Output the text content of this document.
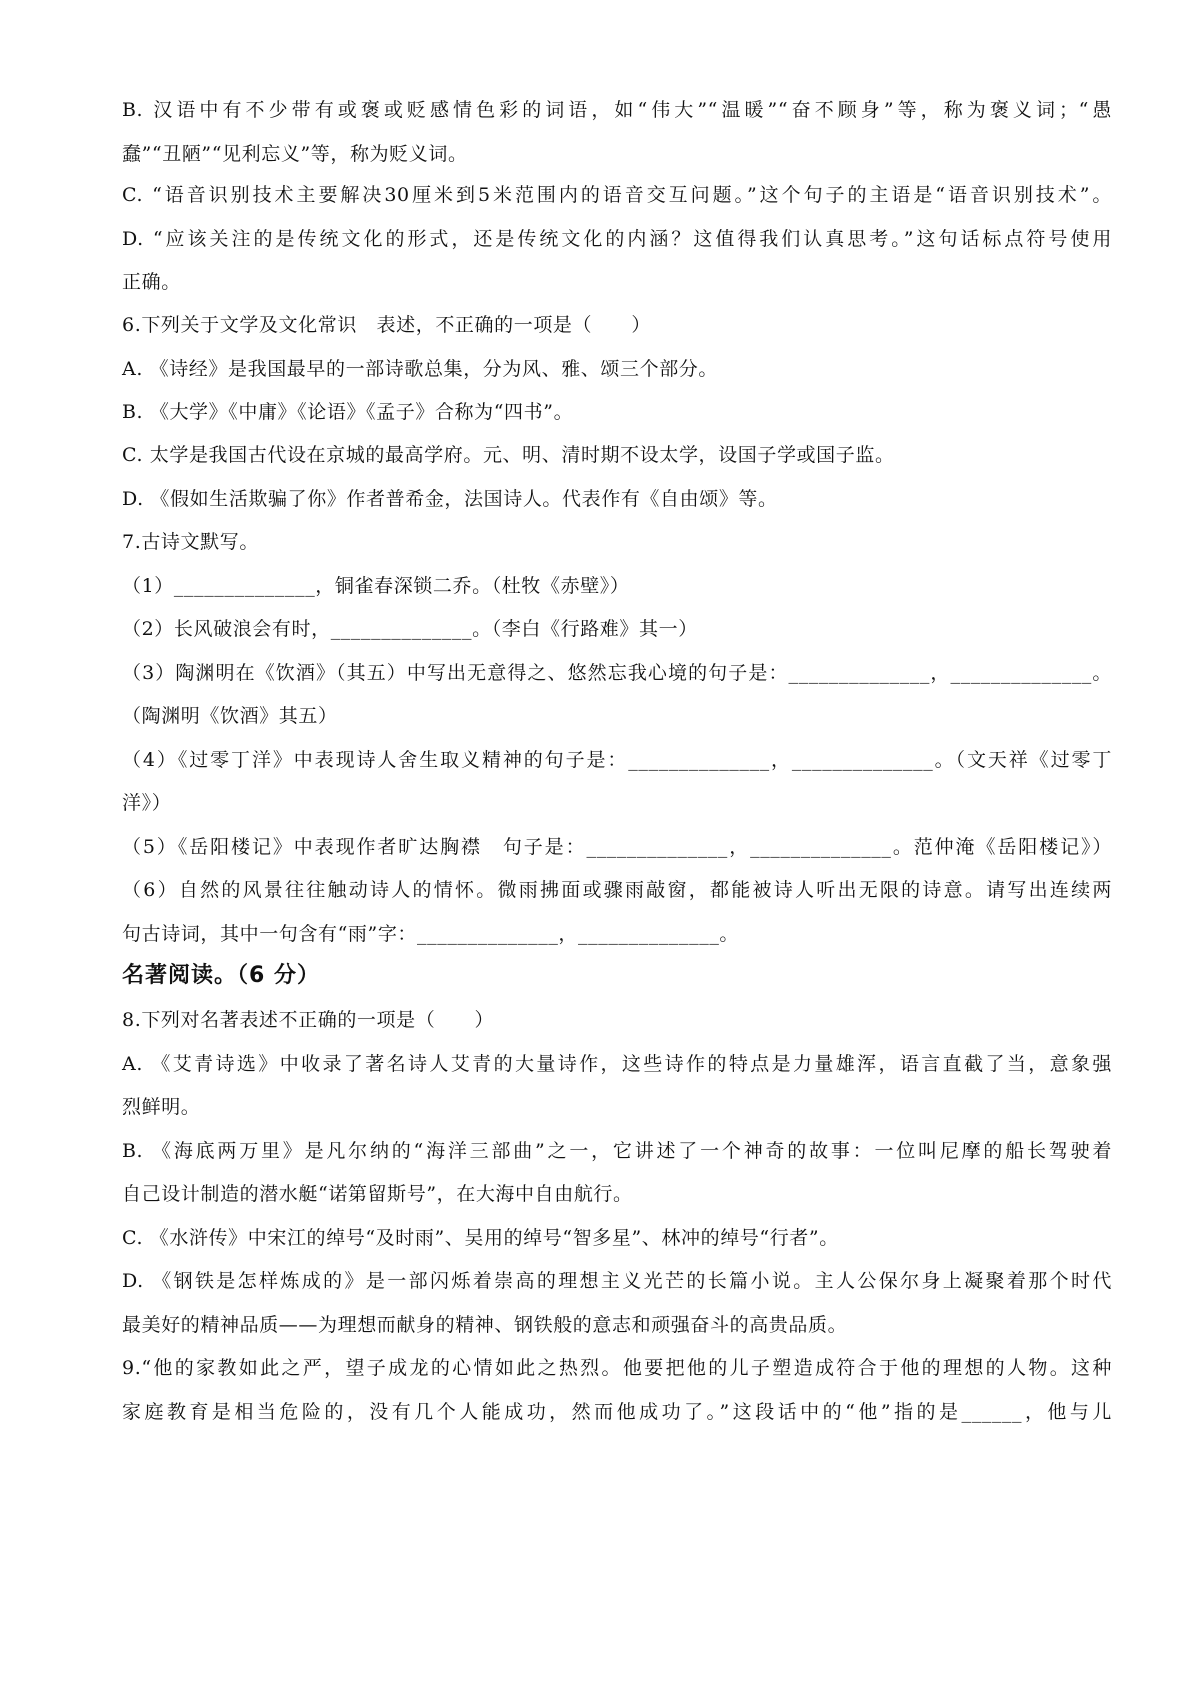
B. 汉语中有不少带有或褒或贬感情色彩的词语，如“伟大”“温暖”“奋不顾身”等，称为褒义词；“愚
蠢”“丑陋”“见利忘义”等，称为贬义词。
C. “语音识别技术主要解决30厘米到5米范围内的语音交互问题。”这个句子的主语是“语音识别技术”。
D. “应该关注的是传统文化的形式，还是传统文化的内涵？这值得我们认真思考。”这句话标点符号使用
正确。
6.下列关于文学及文化常识　表述，不正确的一项是（　　）
A. 《诗经》是我国最早的一部诗歌总集，分为风、雅、颂三个部分。
B. 《大学》《中庸》《论语》《孟子》合称为“四书”。
C. 太学是我国古代设在京城的最高学府。元、明、清时期不设太学，设国子学或国子监。
D. 《假如生活欺骗了你》作者普希金，法国诗人。代表作有《自由颂》等。
7.古诗文默写。
（1）______________，铜雀春深锁二乔。（杜牧《赤壁》）
（2）长风破浪会有时，______________。（李白《行路难》其一）
（3）陶渊明在《饮酒》（其五）中写出无意得之、悠然忘我心境的句子是：______________，______________。
（陶渊明《饮酒》其五）
（4）《过零丁洋》中表现诗人舍生取义精神的句子是：______________，______________。（文天祥《过零丁
洋》）
（5）《岳阳楼记》中表现作者旷达胸襟　句子是：______________，______________。范仲淹《岳阳楼记》）
（6）自然的风景往往触动诗人的情怀。微雨拂面或骤雨敲窗，都能被诗人听出无限的诗意。请写出连续两
句古诗词，其中一句含有“雨”字：______________，______________。
名著阅读。（6 分）
8.下列对名著表述不正确的一项是（　　）
A. 《艾青诗选》中收录了著名诗人艾青的大量诗作，这些诗作的特点是力量雄浑，语言直截了当，意象强
烈鲜明。
B. 《海底两万里》是凡尔纳的“海洋三部曲”之一，它讲述了一个神奇的故事：一位叫尼摩的船长驾驶着
自己设计制造的潜水艇“诺第留斯号”，在大海中自由航行。
C. 《水浒传》中宋江的绰号“及时雨”、吴用的绰号“智多星”、林冲的绰号“行者”。
D. 《钢铁是怎样炼成的》是一部闪烁着崇高的理想主义光芒的长篇小说。主人公保尔身上凝聚着那个时代
最美好的精神品质——为理想而献身的精神、钢铁般的意志和顽强奋斗的高贵品质。
9.“他的家教如此之严，望子成龙的心情如此之热烈。他要把他的儿子塑造成符合于他的理想的人物。这种
家庭教育是相当危险的，没有几个人能成功，然而他成功了。”这段话中的“他”指的是______，他与儿
